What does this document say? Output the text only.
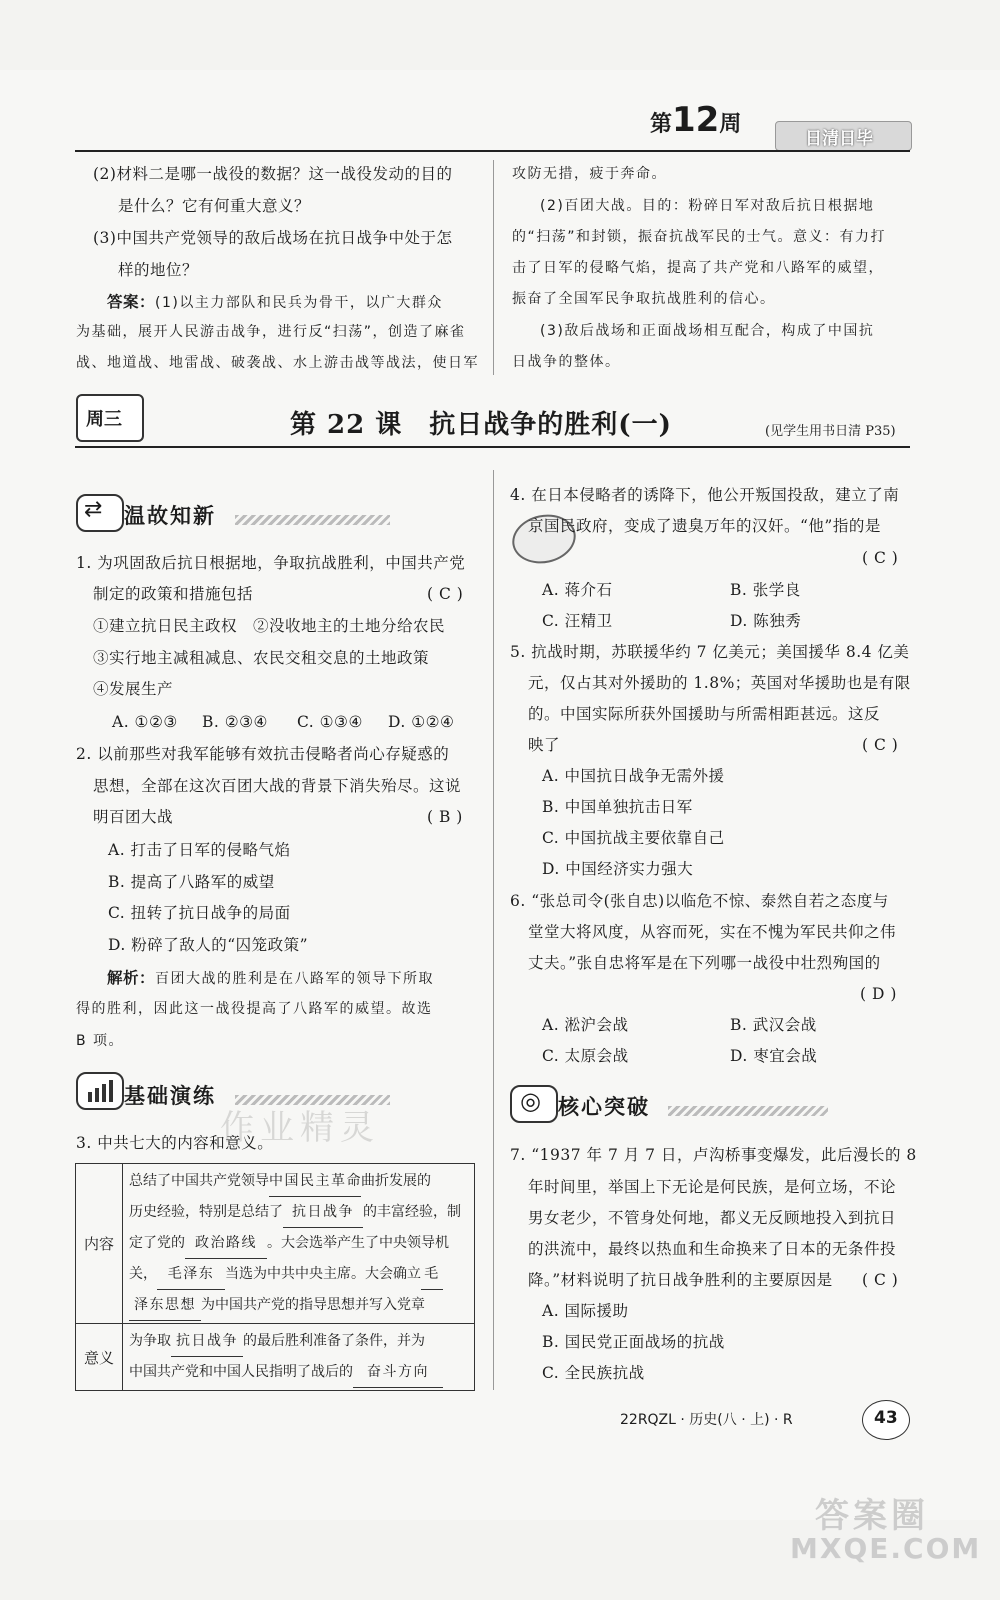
第12周
日清日毕
(2)材料二是哪一战役的数据？这一战役发动的目的
是什么？它有何重大意义？
(3)中国共产党领导的敌后战场在抗日战争中处于怎
样的地位？
答案：(1)以主力部队和民兵为骨干，以广大群众
为基础，展开人民游击战争，进行反“扫荡”，创造了麻雀
战、地道战、地雷战、破袭战、水上游击战等战法，使日军
攻防无措，疲于奔命。
(2)百团大战。目的：粉碎日军对敌后抗日根据地
的“扫荡”和封锁，振奋抗战军民的士气。意义：有力打
击了日军的侵略气焰，提高了共产党和八路军的威望，
振奋了全国军民争取抗战胜利的信心。
(3)敌后战场和正面战场相互配合，构成了中国抗
日战争的整体。
周三	第 22 课　抗日战争的胜利(一)	(见学生用书日清 P35)
⇄ 温故知新
1. 为巩固敌后抗日根据地，争取抗战胜利，中国共产党
制定的政策和措施包括	( C )
①建立抗日民主政权　②没收地主的土地分给农民
③实行地主减租减息、农民交租交息的土地政策
④发展生产
A. ①②③ B. ②③④ C. ①③④ D. ①②④
2. 以前那些对我军能够有效抗击侵略者尚心存疑惑的
思想，全部在这次百团大战的背景下消失殆尽。这说
明百团大战	( B )
A. 打击了日军的侵略气焰
B. 提高了八路军的威望
C. 扭转了抗日战争的局面
D. 粉碎了敌人的“囚笼政策”
解析：百团大战的胜利是在八路军的领导下所取
得的胜利，因此这一战役提高了八路军的威望。故选
B 项。
基础演练
作业精灵
3. 中共七大的内容和意义。
内容	总结了中国共产党领导中国民主革命曲折发展的
历史经验，特别是总结了 抗日战争 的丰富经验，制
定了党的 政治路线 。大会选举产生了中央领导机
关， 毛泽东 当选为中共中央主席。大会确立 毛
泽东思想 为中国共产党的指导思想并写入党章

意义	为争取 抗日战争 的最后胜利准备了条件，并为
中国共产党和中国人民指明了战后的 奋斗方向
4. 在日本侵略者的诱降下，他公开叛国投敌，建立了南
京国民政府，变成了遗臭万年的汉奸。“他”指的是
( C )
A. 蒋介石	B. 张学良
C. 汪精卫	D. 陈独秀
5. 抗战时期，苏联援华约 7 亿美元；美国援华 8.4 亿美
元，仅占其对外援助的 1.8%；英国对华援助也是有限
的。中国实际所获外国援助与所需相距甚远。这反
映了	( C )
A. 中国抗日战争无需外援
B. 中国单独抗击日军
C. 中国抗战主要依靠自己
D. 中国经济实力强大
6. “张总司令(张自忠)以临危不惊、泰然自若之态度与
堂堂大将风度，从容而死，实在不愧为军民共仰之伟
丈夫。”张自忠将军是在下列哪一战役中壮烈殉国的
( D )
A. 淞沪会战	B. 武汉会战
C. 太原会战	D. 枣宜会战
◎ 核心突破
7. “1937 年 7 月 7 日，卢沟桥事变爆发，此后漫长的 8
年时间里，举国上下无论是何民族，是何立场，不论
男女老少，不管身处何地，都义无反顾地投入到抗日
的洪流中，最终以热血和生命换来了日本的无条件投
降。”材料说明了抗日战争胜利的主要原因是 ( C )
A. 国际援助
B. 国民党正面战场的抗战
C. 全民族抗战
22RQZL · 历史(八 · 上) · R	43
答案圈
MXQE.COM
